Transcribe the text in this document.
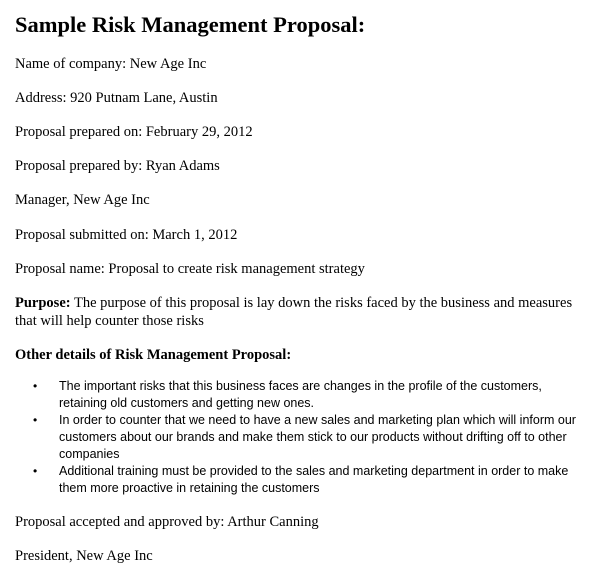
Sample Risk Management Proposal:

Name of company: New Age Inc

Address: 920 Putnam Lane, Austin

Proposal prepared on: February 29, 2012

Proposal prepared by: Ryan Adams

Manager, New Age Inc

Proposal submitted on: March 1, 2012

Proposal name: Proposal to create risk management strategy

Purpose: The purpose of this proposal is lay down the risks faced by the business and measures that will help counter those risks

Other details of Risk Management Proposal:

• The important risks that this business faces are changes in the profile of the customers, retaining old customers and getting new ones.
• In order to counter that we need to have a new sales and marketing plan which will inform our customers about our brands and make them stick to our products without drifting off to other companies
• Additional training must be provided to the sales and marketing department in order to make them more proactive in retaining the customers

Proposal accepted and approved by: Arthur Canning

President, New Age Inc
